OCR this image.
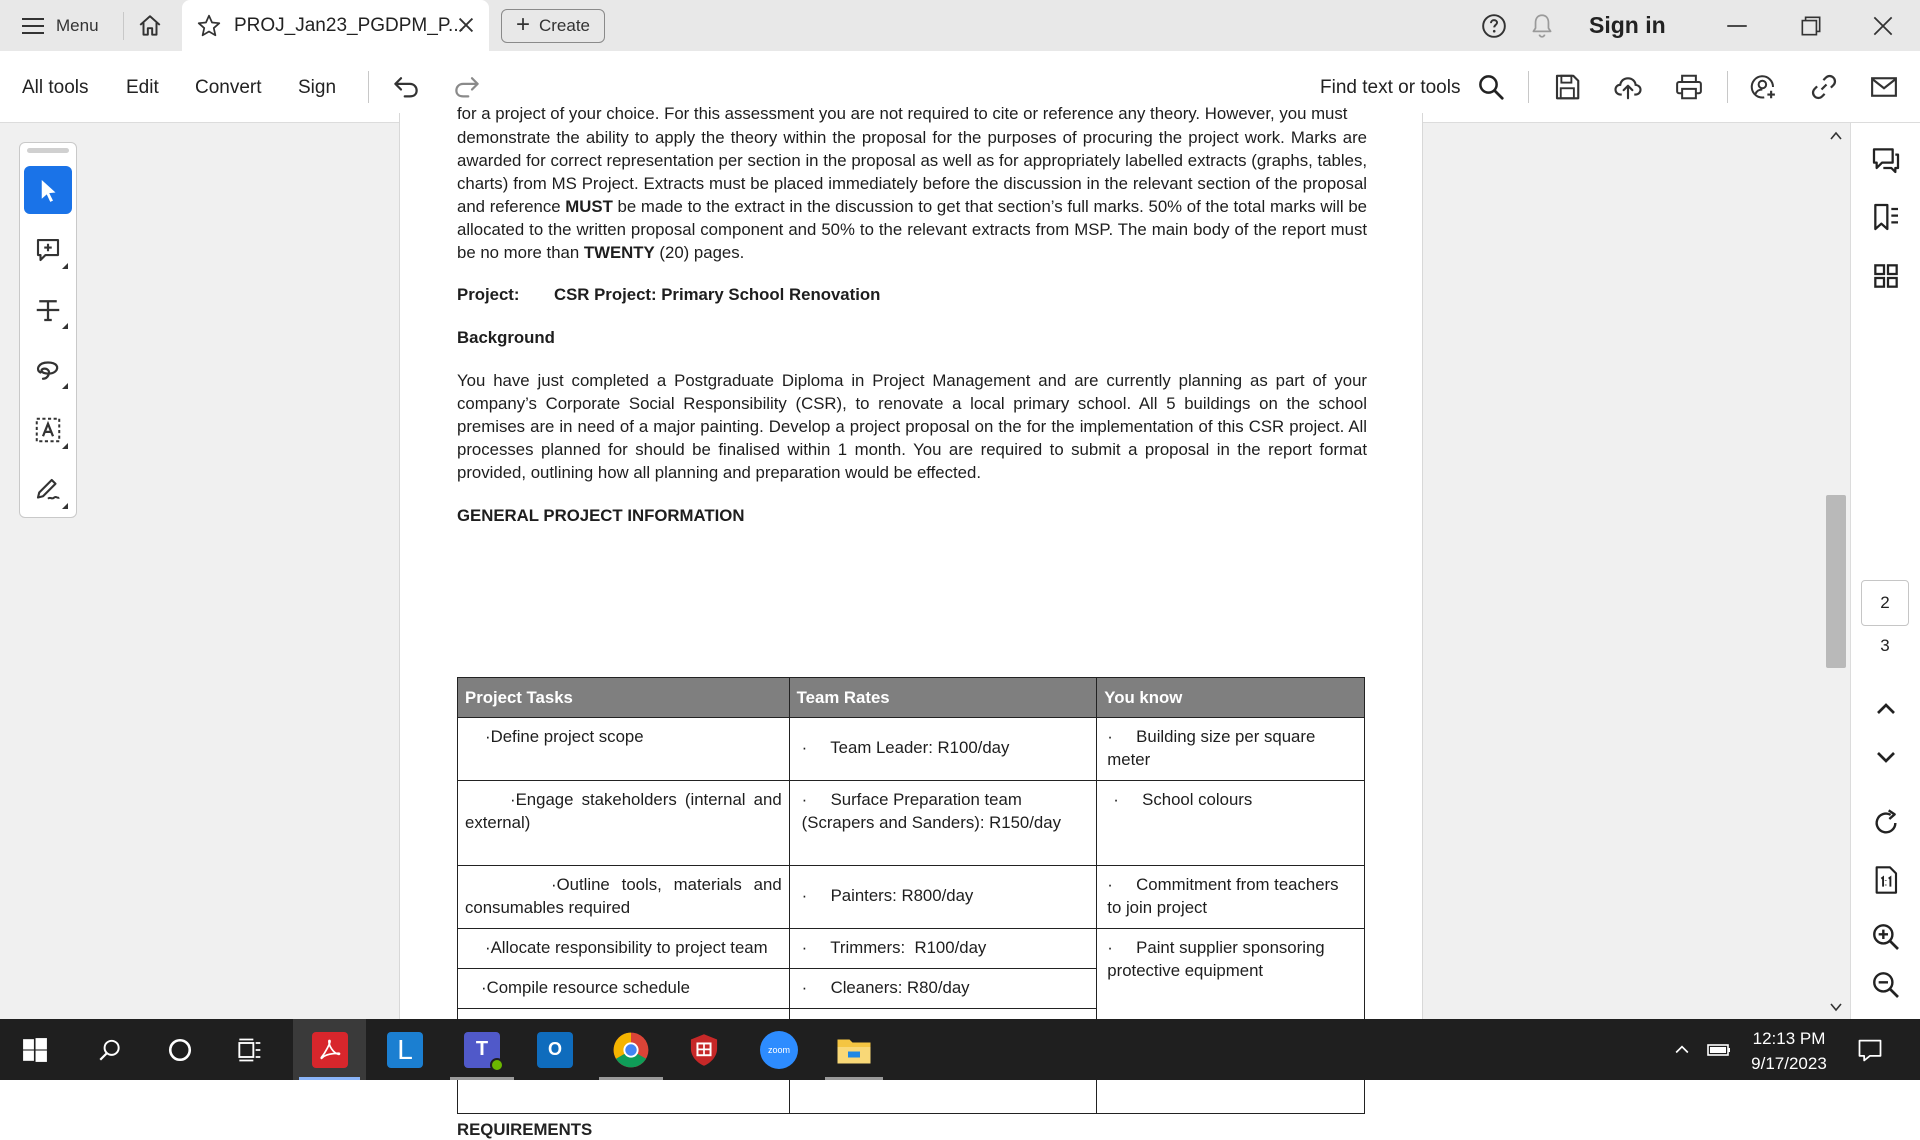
Menu	PROJ_Jan23_PGDPM_P... + Create	Sign in
All tools Edit Convert Sign	Find text or tools
for a project of your choice. For this assessment you are not required to cite or reference any theory. However, you must

demonstrate the ability to apply the theory within the proposal for the purposes of procuring the project work. Marks are awarded for correct representation per section in the proposal as well as for appropriately labelled extracts (graphs, tables, charts) from MS Project. Extracts must be placed immediately before the discussion in the relevant section of the proposal and reference MUST be made to the extract in the discussion to get that section’s full marks. 50% of the total marks will be allocated to the written proposal component and 50% to the relevant extracts from MSP. The main body of the report must be no more than TWENTY (20) pages.

Project: CSR Project: Primary School Renovation
Background

You have just completed a Postgraduate Diploma in Project Management and are currently planning as part of your company’s Corporate Social Responsibility (CSR), to renovate a local primary school. All 5 buildings on the school premises are in need of a major painting. Develop a project proposal on the for the implementation of this CSR project. All processes planned for should be finalised within 1 month. You are required to submit a proposal in the report format provided, outlining how all planning and preparation would be effected.

GENERAL PROJECT INFORMATION
Project Tasks	Team Rates	You know
·Define project scope	·     Team Leader: R100/day	·     Building size per square meter
·Engage stakeholders (internal and external)	·     Surface Preparation team (Scrapers and Sanders): R150/day	·     School colours
·Outline tools, materials and consumables required	·     Painters: R800/day	·     Commitment from teachers to join project
·Allocate responsibility to project team	·     Trimmers:  R100/day	·     Paint supplier sponsoring protective equipment
·Compile resource schedule	·     Cleaners: R80/day	

REQUIREMENTS
2
3
L	T	O	zoom
12:13 PM
9/17/2023
